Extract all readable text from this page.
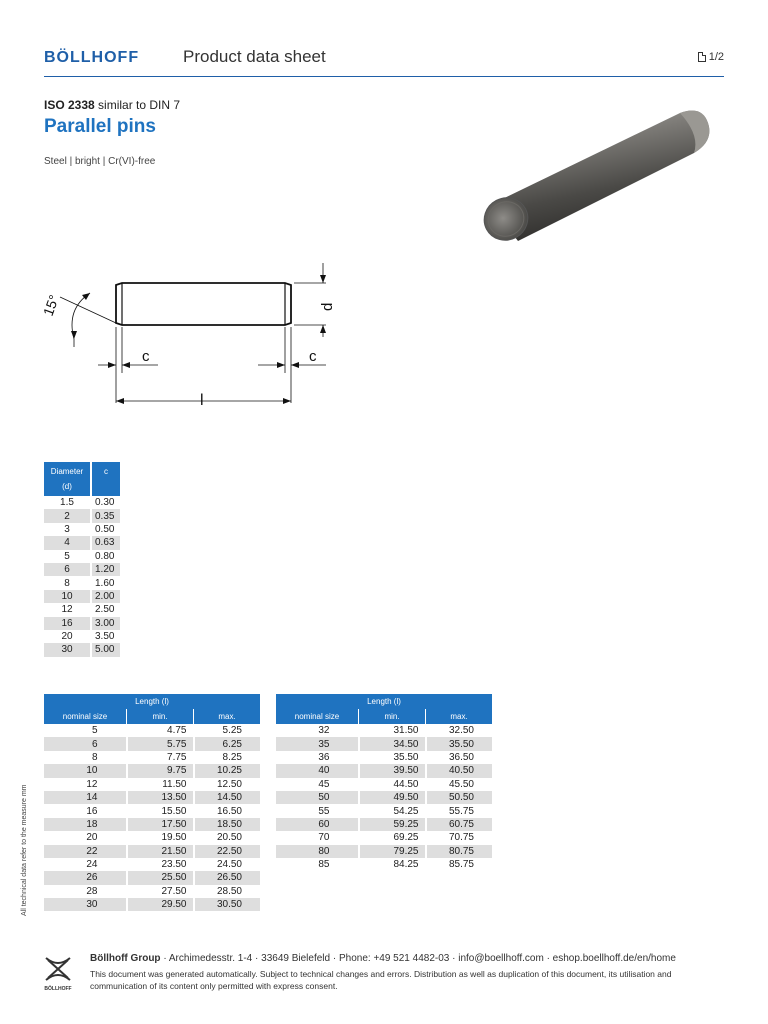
BÖLLHOFF	Product data sheet	1/2
ISO 2338 similar to DIN 7
Parallel pins
Steel | bright | Cr(VI)-free
15°	d
c	c
l
Diameter (d)	c
1.5	0.30
2	0.35
3	0.50
4	0.63
5	0.80
6	1.20
8	1.60
10	2.00
12	2.50
16	3.00
20	3.50
30	5.00
Length (l)		
nominal size	min.	max.
5	4.75	5.25
6	5.75	6.25
8	7.75	8.25
10	9.75	10.25
12	11.50	12.50
14	13.50	14.50
16	15.50	16.50
18	17.50	18.50
20	19.50	20.50
22	21.50	22.50
24	23.50	24.50
26	25.50	26.50
28	27.50	28.50
30	29.50	30.50
Length (l)		
nominal size	min.	max.
32	31.50	32.50
35	34.50	35.50
36	35.50	36.50
40	39.50	40.50
45	44.50	45.50
50	49.50	50.50
55	54.25	55.75
60	59.25	60.75
70	69.25	70.75
80	79.25	80.75
85	84.25	85.75
All technical data refer to the measure mm
BÖLLHOFF
Böllhoff Group · Archimedesstr. 1-4 · 33649 Bielefeld · Phone: +49 521 4482-03 · info@boellhoff.com · eshop.boellhoff.de/en/home
This document was generated automatically. Subject to technical changes and errors. Distribution as well as duplication of this document, its utilisation and communication of its content only permitted with express consent.
